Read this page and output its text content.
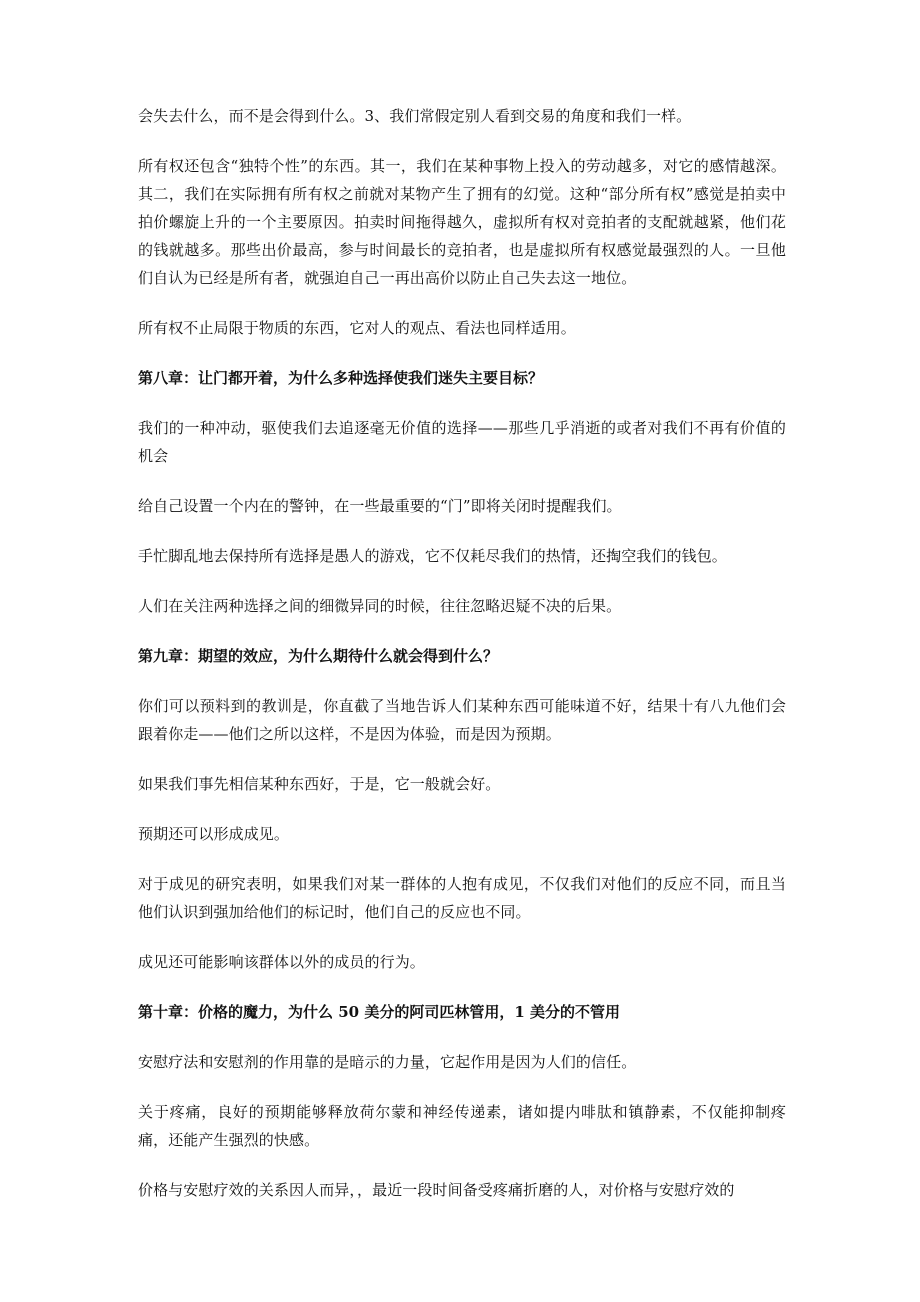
会失去什么，而不是会得到什么。3、我们常假定别人看到交易的角度和我们一样。

所有权还包含“独特个性”的东西。其一，我们在某种事物上投入的劳动越多，对它的感情越深。其二，我们在实际拥有所有权之前就对某物产生了拥有的幻觉。这种“部分所有权”感觉是拍卖中拍价螺旋上升的一个主要原因。拍卖时间拖得越久，虚拟所有权对竞拍者的支配就越紧，他们花的钱就越多。那些出价最高，参与时间最长的竞拍者，也是虚拟所有权感觉最强烈的人。一旦他们自认为已经是所有者，就强迫自己一再出高价以防止自己失去这一地位。

所有权不止局限于物质的东西，它对人的观点、看法也同样适用。

第八章：让门都开着，为什么多种选择使我们迷失主要目标？

我们的一种冲动，驱使我们去追逐毫无价值的选择——那些几乎消逝的或者对我们不再有价值的机会

给自己设置一个内在的警钟，在一些最重要的“门”即将关闭时提醒我们。

手忙脚乱地去保持所有选择是愚人的游戏，它不仅耗尽我们的热情，还掏空我们的钱包。

人们在关注两种选择之间的细微异同的时候，往往忽略迟疑不决的后果。

第九章：期望的效应，为什么期待什么就会得到什么？

你们可以预料到的教训是，你直截了当地告诉人们某种东西可能味道不好，结果十有八九他们会跟着你走——他们之所以这样，不是因为体验，而是因为预期。

如果我们事先相信某种东西好，于是，它一般就会好。

预期还可以形成成见。

对于成见的研究表明，如果我们对某一群体的人抱有成见，不仅我们对他们的反应不同，而且当他们认识到强加给他们的标记时，他们自己的反应也不同。

成见还可能影响该群体以外的成员的行为。

第十章：价格的魔力，为什么 50 美分的阿司匹林管用，1 美分的不管用

安慰疗法和安慰剂的作用靠的是暗示的力量，它起作用是因为人们的信任。

关于疼痛，良好的预期能够释放荷尔蒙和神经传递素，诸如提内啡肽和镇静素，不仅能抑制疼痛，还能产生强烈的快感。

价格与安慰疗效的关系因人而异，，最近一段时间备受疼痛折磨的人，对价格与安慰疗效的
